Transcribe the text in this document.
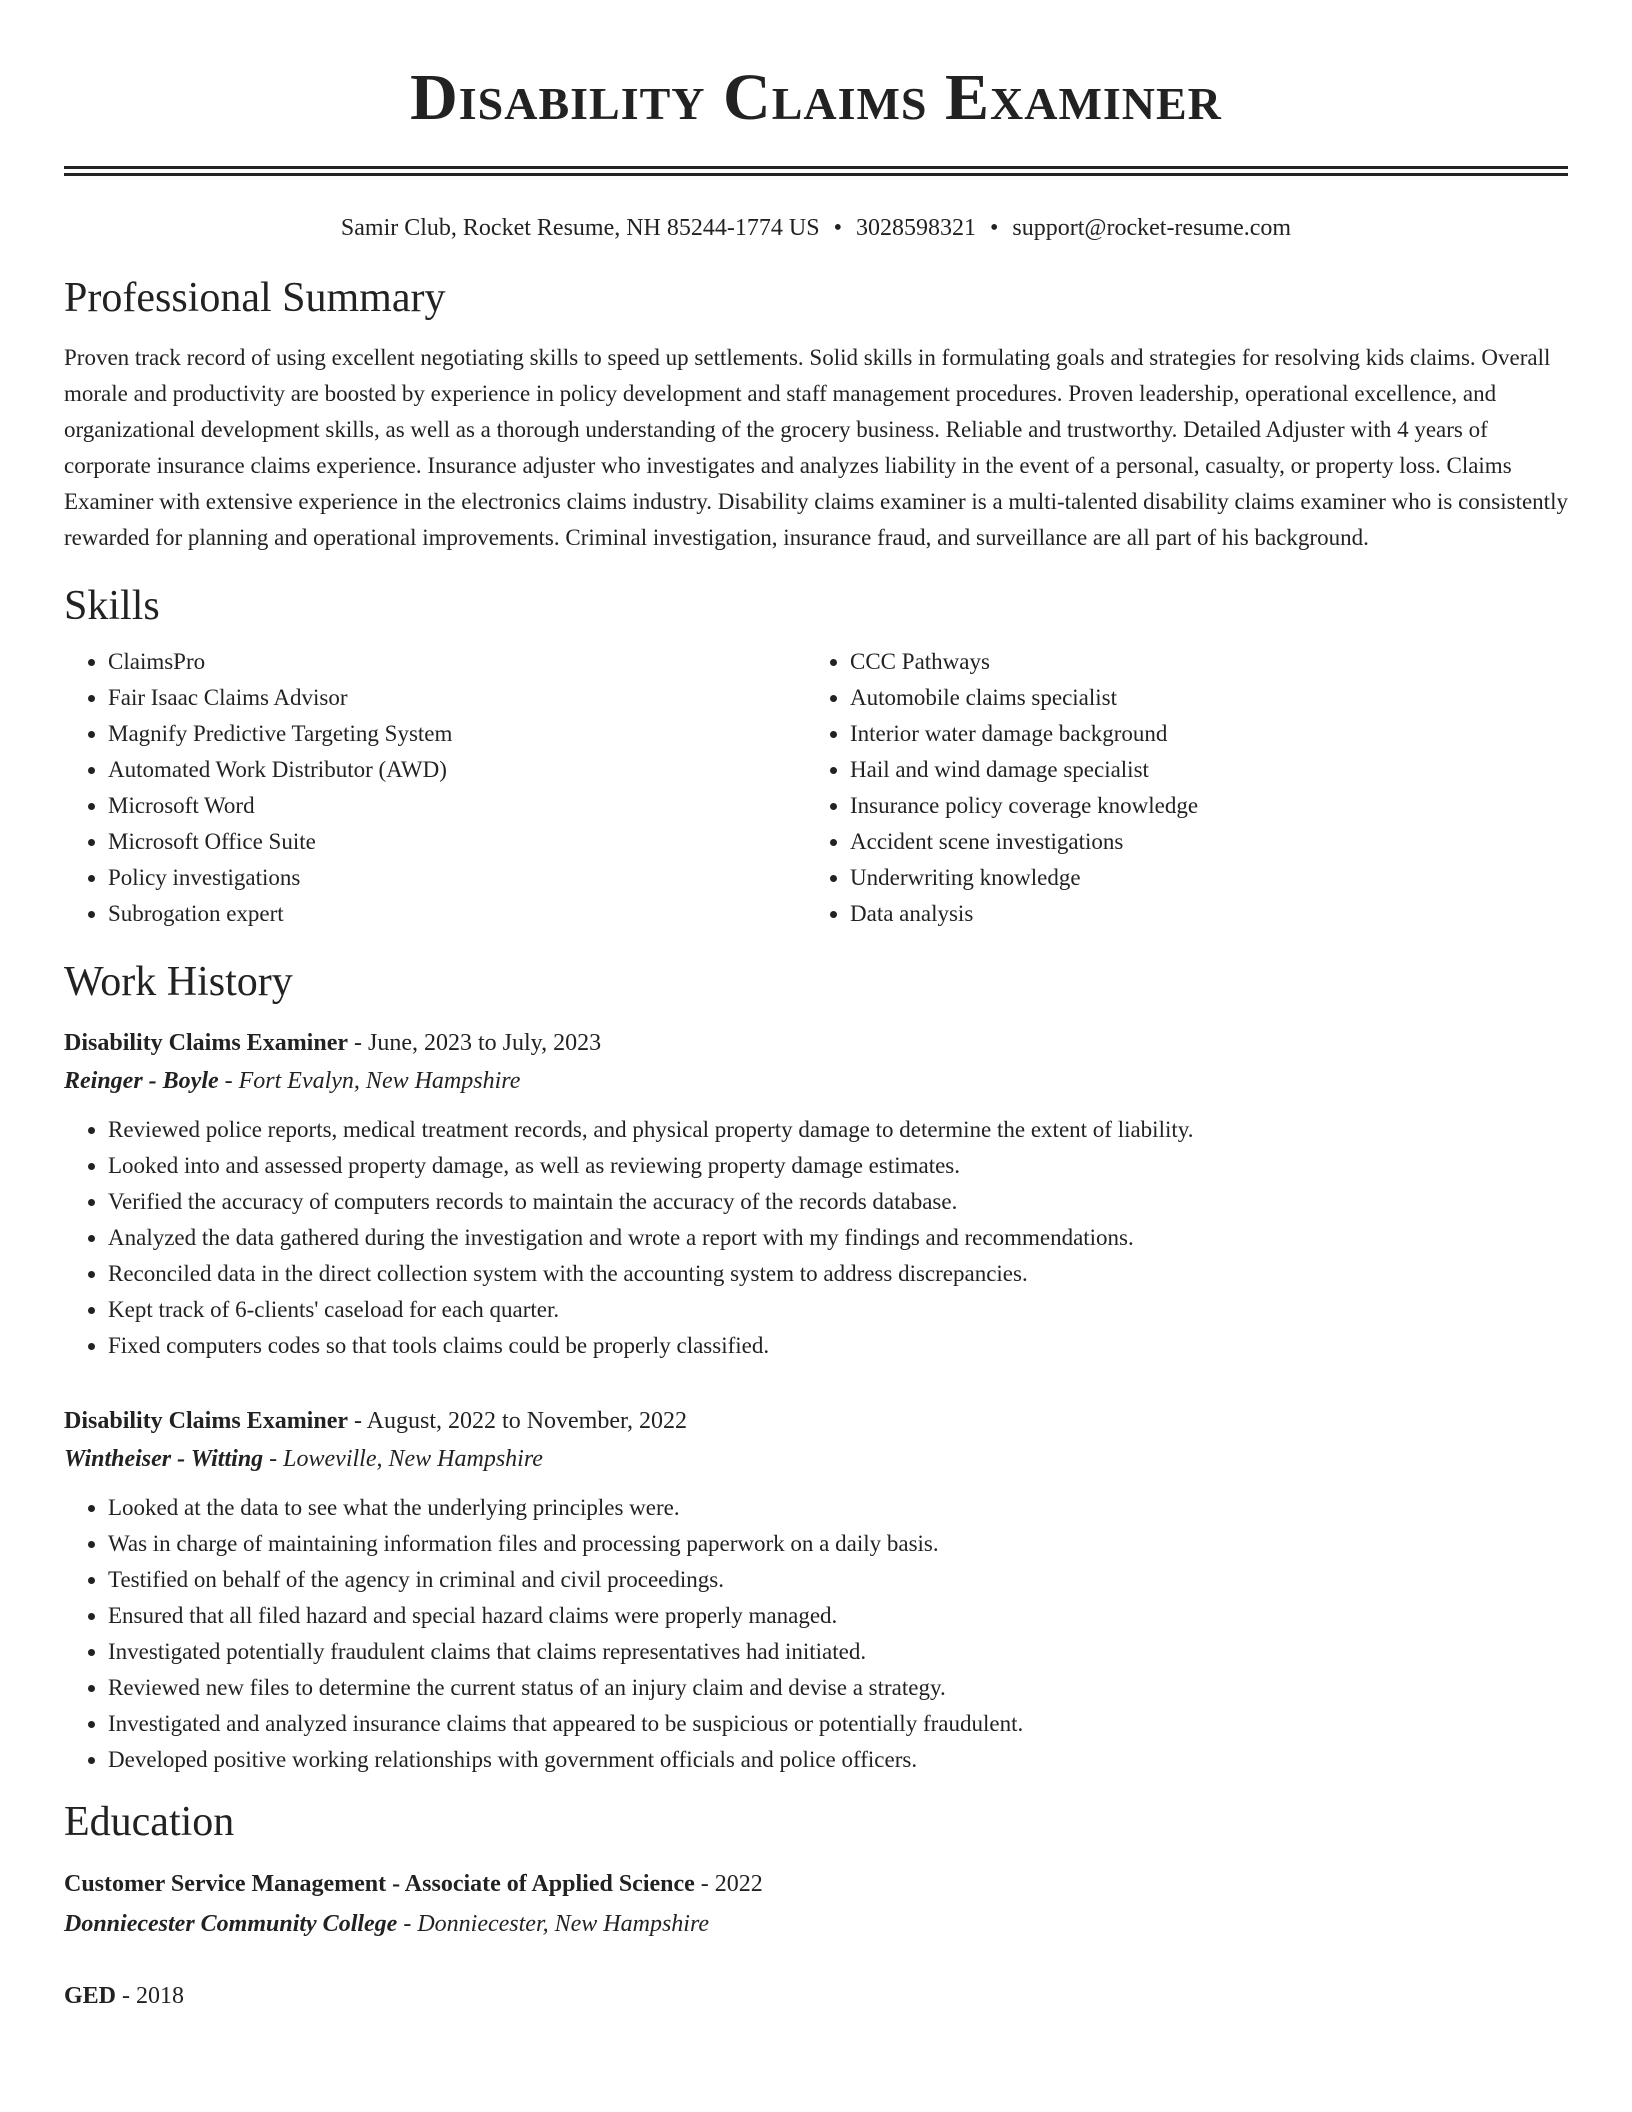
Disability Claims Examiner
Samir Club, Rocket Resume, NH 85244-1774 US • 3028598321 • support@rocket-resume.com
Professional Summary

Proven track record of using excellent negotiating skills to speed up settlements. Solid skills in formulating goals and strategies for resolving kids claims. Overall morale and productivity are boosted by experience in policy development and staff management procedures. Proven leadership, operational excellence, and organizational development skills, as well as a thorough understanding of the grocery business. Reliable and trustworthy. Detailed Adjuster with 4 years of corporate insurance claims experience. Insurance adjuster who investigates and analyzes liability in the event of a personal, casualty, or property loss. Claims Examiner with extensive experience in the electronics claims industry. Disability claims examiner is a multi-talented disability claims examiner who is consistently rewarded for planning and operational improvements. Criminal investigation, insurance fraud, and surveillance are all part of his background.

Skills
• ClaimsPro
• Fair Isaac Claims Advisor
• Magnify Predictive Targeting System
• Automated Work Distributor (AWD)
• Microsoft Word
• Microsoft Office Suite
• Policy investigations
• Subrogation expert
• CCC Pathways
• Automobile claims specialist
• Interior water damage background
• Hail and wind damage specialist
• Insurance policy coverage knowledge
• Accident scene investigations
• Underwriting knowledge
• Data analysis
Work History
Disability Claims Examiner - June, 2023 to July, 2023
Reinger - Boyle - Fort Evalyn, New Hampshire
• Reviewed police reports, medical treatment records, and physical property damage to determine the extent of liability.
• Looked into and assessed property damage, as well as reviewing property damage estimates.
• Verified the accuracy of computers records to maintain the accuracy of the records database.
• Analyzed the data gathered during the investigation and wrote a report with my findings and recommendations.
• Reconciled data in the direct collection system with the accounting system to address discrepancies.
• Kept track of 6-clients' caseload for each quarter.
• Fixed computers codes so that tools claims could be properly classified.
Disability Claims Examiner - August, 2022 to November, 2022
Wintheiser - Witting - Loweville, New Hampshire
• Looked at the data to see what the underlying principles were.
• Was in charge of maintaining information files and processing paperwork on a daily basis.
• Testified on behalf of the agency in criminal and civil proceedings.
• Ensured that all filed hazard and special hazard claims were properly managed.
• Investigated potentially fraudulent claims that claims representatives had initiated.
• Reviewed new files to determine the current status of an injury claim and devise a strategy.
• Investigated and analyzed insurance claims that appeared to be suspicious or potentially fraudulent.
• Developed positive working relationships with government officials and police officers.
Education
Customer Service Management - Associate of Applied Science - 2022
Donniecester Community College - Donniecester, New Hampshire
GED - 2018
